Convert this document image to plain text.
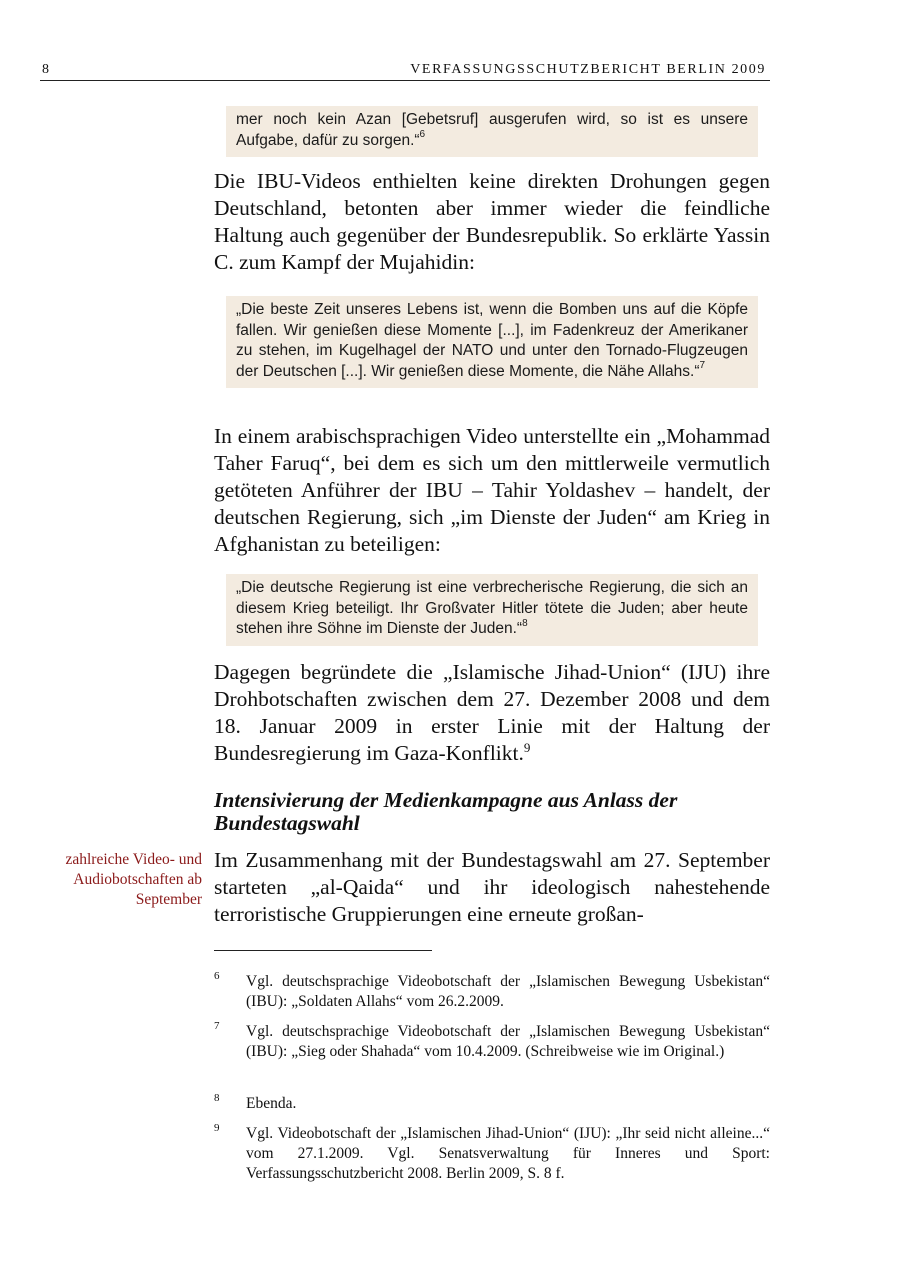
8	VERFASSUNGSSCHUTZBERICHT BERLIN 2009
mer noch kein Azan [Gebetsruf] ausgerufen wird, so ist es unsere Aufgabe, dafür zu sorgen.“$^6$
Die IBU-Videos enthielten keine direkten Drohungen gegen Deutschland, betonten aber immer wieder die feindliche Haltung auch gegenüber der Bundesrepublik. So erklärte Yassin C. zum Kampf der Mujahidin:
„Die beste Zeit unseres Lebens ist, wenn die Bomben uns auf die Köpfe fallen. Wir genießen diese Momente [...], im Fadenkreuz der Amerikaner zu stehen, im Kugelhagel der NATO und unter den Tornado-Flugzeugen der Deutschen [...]. Wir genießen diese Momente, die Nähe Allahs.“$^7$
In einem arabischsprachigen Video unterstellte ein „Mohammad Taher Faruq“, bei dem es sich um den mittlerweile vermutlich getöteten Anführer der IBU – Tahir Yoldashev – handelt, der deutschen Regierung, sich „im Dienste der Juden“ am Krieg in Afghanistan zu beteiligen:
„Die deutsche Regierung ist eine verbrecherische Regierung, die sich an diesem Krieg beteiligt. Ihr Großvater Hitler tötete die Juden; aber heute stehen ihre Söhne im Dienste der Juden.“$^8$
Dagegen begründete die „Islamische Jihad-Union“ (IJU) ihre Drohbotschaften zwischen dem 27. Dezember 2008 und dem 18. Januar 2009 in erster Linie mit der Haltung der Bundesregierung im Gaza-Konflikt.$^9$
Intensivierung der Medienkampagne aus Anlass der Bundestagswahl
zahlreiche Video- und Audiobotschaften ab September
Im Zusammenhang mit der Bundestagswahl am 27. September starteten „al-Qaida“ und ihr ideologisch nahestehende terroristische Gruppierungen eine erneute großan-
6 Vgl. deutschsprachige Videobotschaft der „Islamischen Bewegung Usbekistan“ (IBU): „Soldaten Allahs“ vom 26.2.2009.
7 Vgl. deutschsprachige Videobotschaft der „Islamischen Bewegung Usbekistan“ (IBU): „Sieg oder Shahada“ vom 10.4.2009. (Schreibweise wie im Original.)
8 Ebenda.
9 Vgl. Videobotschaft der „Islamischen Jihad-Union“ (IJU): „Ihr seid nicht alleine...“ vom 27.1.2009. Vgl. Senatsverwaltung für Inneres und Sport: Verfassungsschutzbericht 2008. Berlin 2009, S. 8 f.
